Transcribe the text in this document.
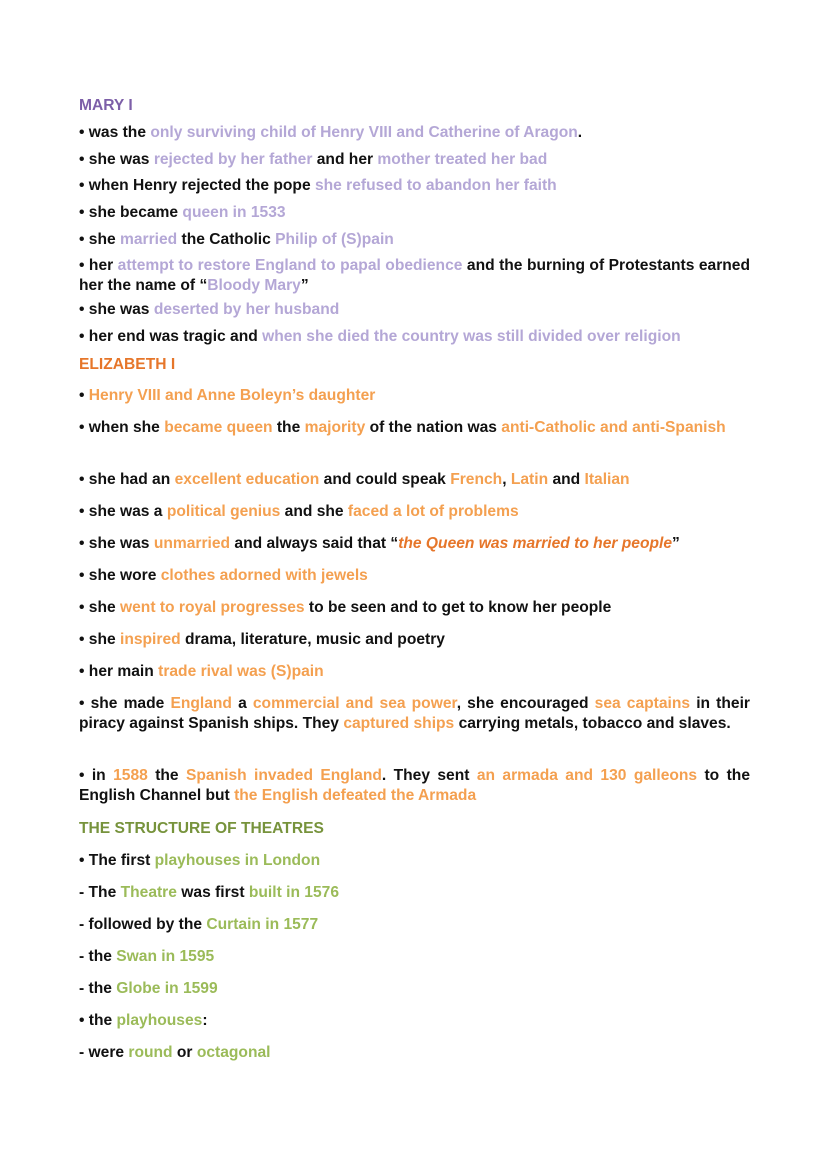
MARY I
• was the only surviving child of Henry VIII and Catherine of Aragon.
• she was rejected by her father and her mother treated her bad
• when Henry rejected the pope she refused to abandon her faith
• she became queen in 1533
• she married the Catholic Philip of (S)pain
• her attempt to restore England to papal obedience and the burning of Protestants earned her the name of “Bloody Mary”
• she was deserted by her husband
• her end was tragic and when she died the country was still divided over religion
ELIZABETH I
• Henry VIII and Anne Boleyn’s daughter
• when she became queen the majority of the nation was anti-Catholic and anti-Spanish
• she had an excellent education and could speak French, Latin and Italian
• she was a political genius and she faced a lot of problems
• she was unmarried and always said that “the Queen was married to her people”
• she wore clothes adorned with jewels
• she went to royal progresses to be seen and to get to know her people
• she inspired drama, literature, music and poetry
• her main trade rival was (S)pain
• she made England a commercial and sea power, she encouraged sea captains in their piracy against Spanish ships. They captured ships carrying metals, tobacco and slaves.
• in 1588 the Spanish invaded England. They sent an armada and 130 galleons to the English Channel but the English defeated the Armada
THE STRUCTURE OF THEATRES
• The first playhouses in London
- The Theatre was first built in 1576
- followed by the Curtain in 1577
- the Swan in 1595
- the Globe in 1599
• the playhouses:
- were round or octagonal
